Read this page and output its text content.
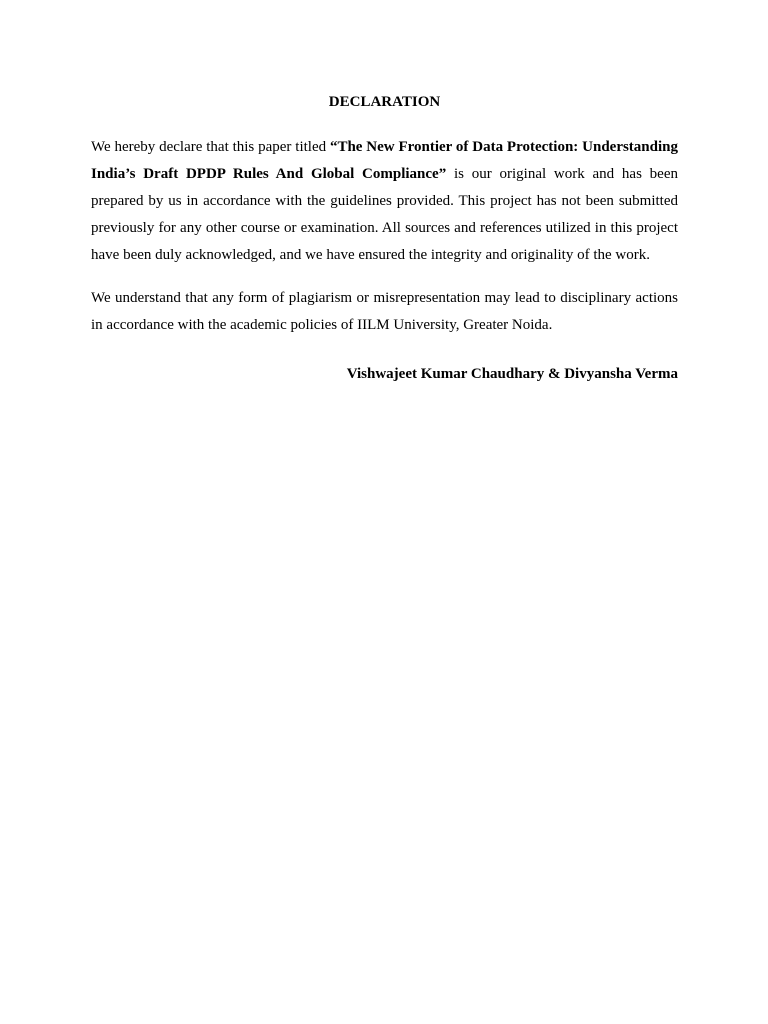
DECLARATION

We hereby declare that this paper titled “The New Frontier of Data Protection: Understanding India’s Draft DPDP Rules And Global Compliance” is our original work and has been prepared by us in accordance with the guidelines provided. This project has not been submitted previously for any other course or examination. All sources and references utilized in this project have been duly acknowledged, and we have ensured the integrity and originality of the work.

We understand that any form of plagiarism or misrepresentation may lead to disciplinary actions in accordance with the academic policies of IILM University, Greater Noida.

Vishwajeet Kumar Chaudhary & Divyansha Verma
